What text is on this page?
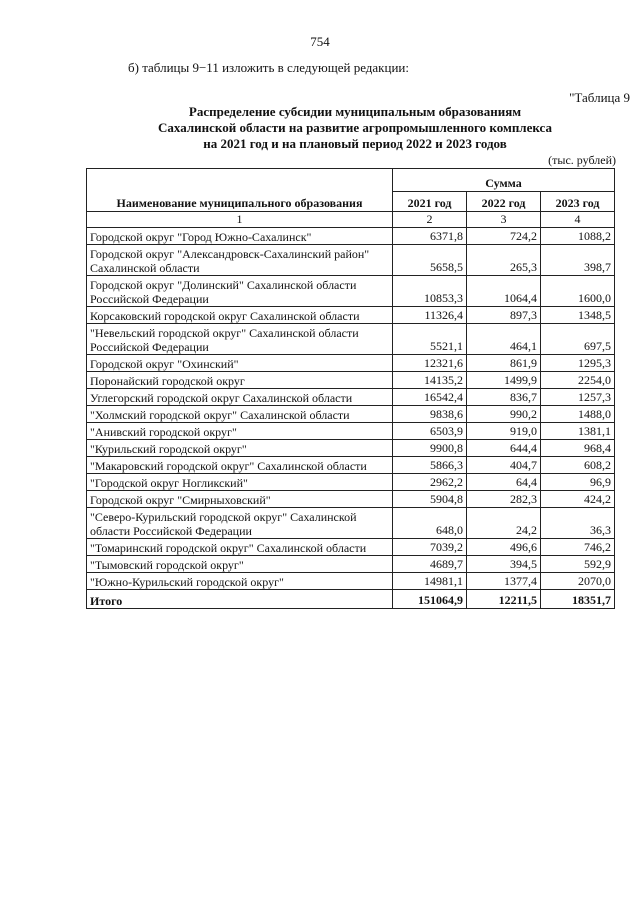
754
б) таблицы 9−11 изложить в следующей редакции:
"Таблица 9
Распределение субсидии муниципальным образованиям
Сахалинской области на развитие агропромышленного комплекса
на 2021 год и на плановый период 2022 и 2023 годов
(тыс. рублей)
Наименование муниципального образования	Сумма		
	2021 год	2022 год	2023 год
1	2	3	4
Городской округ "Город Южно-Сахалинск"	6371,8	724,2	1088,2
Городской округ "Александровск-Сахалинский район" Сахалинской области	5658,5	265,3	398,7
Городской округ "Долинский" Сахалинской области Российской Федерации	10853,3	1064,4	1600,0
Корсаковский городской округ Сахалинской области	11326,4	897,3	1348,5
"Невельский городской округ" Сахалинской области Российской Федерации	5521,1	464,1	697,5
Городской округ "Охинский"	12321,6	861,9	1295,3
Поронайский городской округ	14135,2	1499,9	2254,0
Углегорский городской округ Сахалинской области	16542,4	836,7	1257,3
"Холмский городской округ" Сахалинской области	9838,6	990,2	1488,0
"Анивский городской округ"	6503,9	919,0	1381,1
"Курильский городской округ"	9900,8	644,4	968,4
"Макаровский городской округ" Сахалинской области	5866,3	404,7	608,2
"Городской округ Ногликский"	2962,2	64,4	96,9
Городской округ "Смирныховский"	5904,8	282,3	424,2
"Северо-Курильский городской округ" Сахалинской области Российской Федерации	648,0	24,2	36,3
"Томаринский городской округ" Сахалинской области	7039,2	496,6	746,2
"Тымовский городской округ"	4689,7	394,5	592,9
"Южно-Курильский городской округ"	14981,1	1377,4	2070,0
Итого	151064,9	12211,5	18351,7
